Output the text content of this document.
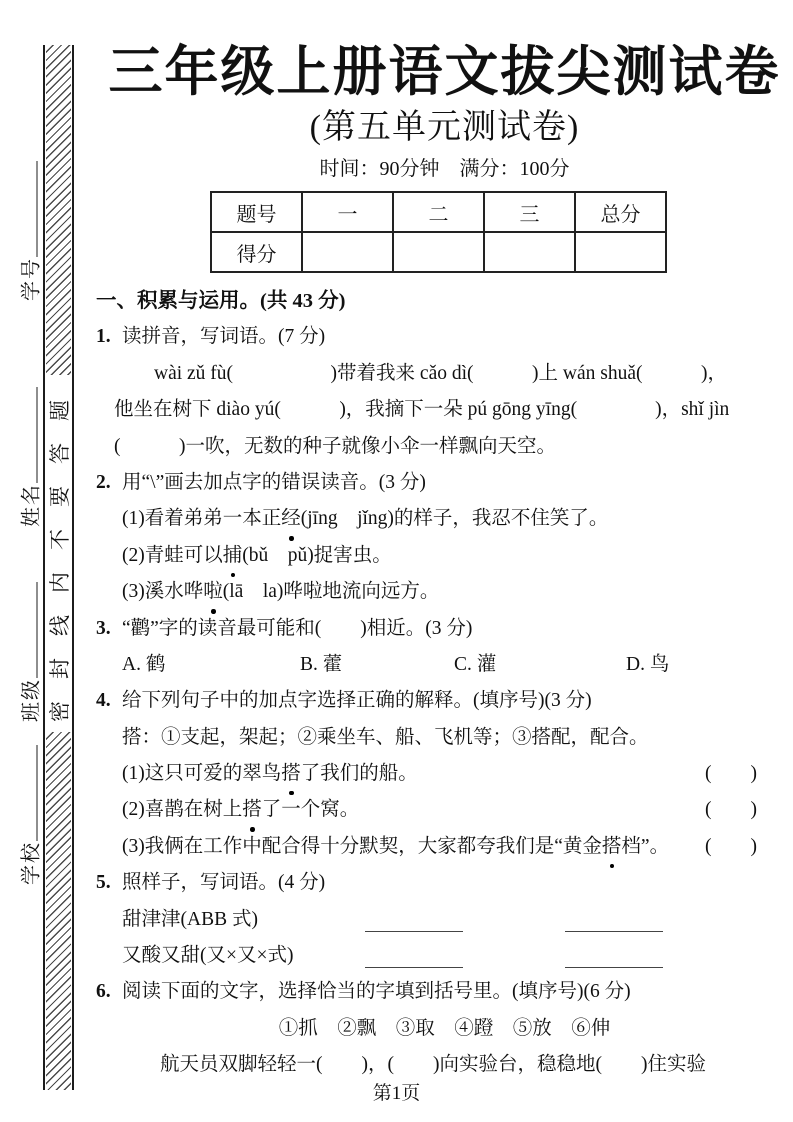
密封线内不要答题
学号
姓名
班级
学校
三年级上册语文拔尖测试卷
(第五单元测试卷)
时间：90分钟　满分：100分
题号	一	二	三	总分
得分				
一、积累与运用。(共 43 分)
1. 读拼音，写词语。(7 分)
wài zǔ fù(　　　　　)带着我来 cǎo dì(　　　)上 wán shuǎ(　　　)，
他坐在树下 diào yú(　　　)，我摘下一朵 pú gōng yīng(　　　　)，shǐ jìn
(　　　)一吹，无数的种子就像小伞一样飘向天空。
2. 用“\”画去加点字的错误读音。(3 分)
(1)看着弟弟一本正经(jīng　jǐng)的样子，我忍不住笑了。
(2)青蛙可以捕(bǔ　pǔ)捉害虫。
(3)溪水哗啦(lā　la)哗啦地流向远方。
3. “鹳”字的读音最可能和(　　)相近。(3 分)
A. 鹤	B. 藿	C. 灌	D. 鸟
4. 给下列句子中的加点字选择正确的解释。(填序号)(3 分)
搭：①支起，架起；②乘坐车、船、飞机等；③搭配，配合。
(1)这只可爱的翠鸟搭了我们的船。	(　　)
(2)喜鹊在树上搭了一个窝。	(　　)
(3)我俩在工作中配合得十分默契，大家都夸我们是“黄金搭档”。 (　　)
5. 照样子，写词语。(4 分)
甜津津(ABB 式)
又酸又甜(又×又×式)
6. 阅读下面的文字，选择恰当的字填到括号里。(填序号)(6 分)
①抓　②飘　③取　④蹬　⑤放　⑥伸
航天员双脚轻轻一(　　)，(　　)向实验台，稳稳地(　　)住实验
第1页
